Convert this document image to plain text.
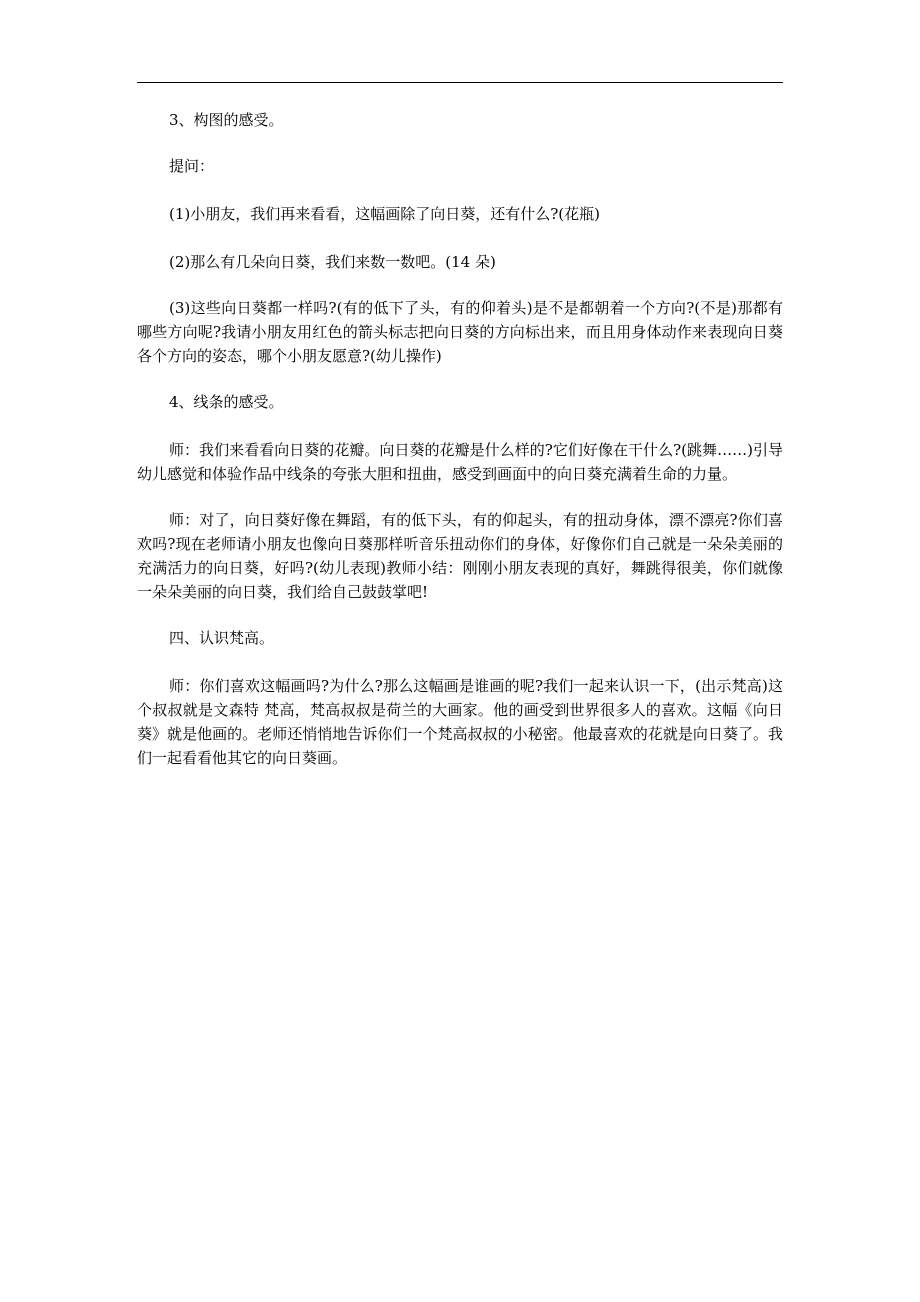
3、构图的感受。

提问：

(1)小朋友，我们再来看看，这幅画除了向日葵，还有什么?(花瓶)

(2)那么有几朵向日葵，我们来数一数吧。(14 朵)

(3)这些向日葵都一样吗?(有的低下了头，有的仰着头)是不是都朝着一个方向?(不是)那都有哪些方向呢?我请小朋友用红色的箭头标志把向日葵的方向标出来，而且用身体动作来表现向日葵各个方向的姿态，哪个小朋友愿意?(幼儿操作)

4、线条的感受。

师：我们来看看向日葵的花瓣。向日葵的花瓣是什么样的?它们好像在干什么?(跳舞……)引导幼儿感觉和体验作品中线条的夸张大胆和扭曲，感受到画面中的向日葵充满着生命的力量。

师：对了，向日葵好像在舞蹈，有的低下头，有的仰起头，有的扭动身体，漂不漂亮?你们喜欢吗?现在老师请小朋友也像向日葵那样听音乐扭动你们的身体，好像你们自己就是一朵朵美丽的充满活力的向日葵，好吗?(幼儿表现)教师小结：刚刚小朋友表现的真好，舞跳得很美，你们就像一朵朵美丽的向日葵，我们给自己鼓鼓掌吧!

四、认识梵高。

师：你们喜欢这幅画吗?为什么?那么这幅画是谁画的呢?我们一起来认识一下，(出示梵高)这个叔叔就是文森特 梵高，梵高叔叔是荷兰的大画家。他的画受到世界很多人的喜欢。这幅《向日葵》就是他画的。老师还悄悄地告诉你们一个梵高叔叔的小秘密。他最喜欢的花就是向日葵了。我们一起看看他其它的向日葵画。
